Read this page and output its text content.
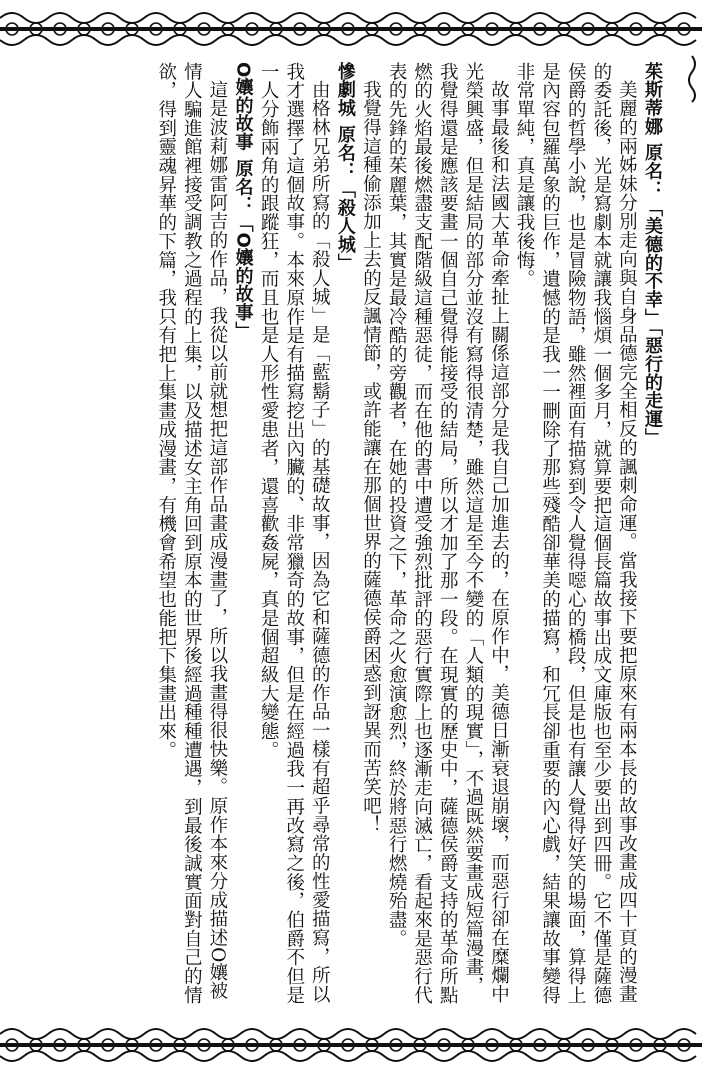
茱斯蒂娜原名：「美德的不幸」「惡行的走運」

美麗的兩姊妹分別走向與自身品德完全相反的諷刺命運。當我接下要把原來有兩本長的故事改畫成四十頁的漫畫的委託後，光是寫劇本就讓我惱煩一個多月，就算要把這個長篇故事出成文庫版也至少要出到四冊。它不僅是薩德侯爵的哲學小說，也是冒險物語，雖然裡面有描寫到令人覺得噁心的橋段，但是也有讓人覺得好笑的場面，算得上是內容包羅萬象的巨作，遺憾的是我一一刪除了那些殘酷卻華美的描寫，和冗長卻重要的內心戲，結果讓故事變得非常單純，真是讓我後悔。

故事最後和法國大革命牽扯上關係這部分是我自己加進去的，在原作中，美德日漸衰退崩壞，而惡行卻在糜爛中光榮興盛，但是結局的部分並沒有寫得很清楚，雖然這是至今不變的「人類的現實」，不過既然要畫成短篇漫畫，我覺得還是應該要畫一個自己覺得能接受的結局，所以才加了那一段。在現實的歷史中，薩德侯爵支持的革命所點燃的火焰最後燃盡支配階級這種惡徒，而在他的書中遭受強烈批評的惡行實際上也逐漸走向滅亡，看起來是惡行代表的先鋒的茱麗葉，其實是最冷酷的旁觀者，在她的投資之下，革命之火愈演愈烈，終於將惡行燃燒殆盡。

我覺得這種偷添加上去的反諷情節，或許能讓在那個世界的薩德侯爵困惑到訝異而苦笑吧！

慘劇城原名：「殺人城」

由格林兄弟所寫的「殺人城」是「藍鬍子」的基礎故事，因為它和薩德的作品一樣有超乎尋常的性愛描寫，所以我才選擇了這個故事。本來原作是有描寫挖出內臟的、非常獵奇的故事，但是在經過我一再改寫之後，伯爵不但是一人分飾兩角的跟蹤狂，而且也是人形性愛患者，還喜歡姦屍，真是個超級大變態。

O孃的故事原名：「O孃的故事」

這是波莉娜雷阿吉的作品，我從以前就想把這部作品畫成漫畫了，所以我畫得很快樂。原作本來分成描述O孃被情人騙進館裡接受調教之過程的上集，以及描述女主角回到原本的世界後經過種種遭遇，到最後誠實面對自己的情欲，得到靈魂昇華的下篇，我只有把上集畫成漫畫，有機會希望也能把下集畫出來。
